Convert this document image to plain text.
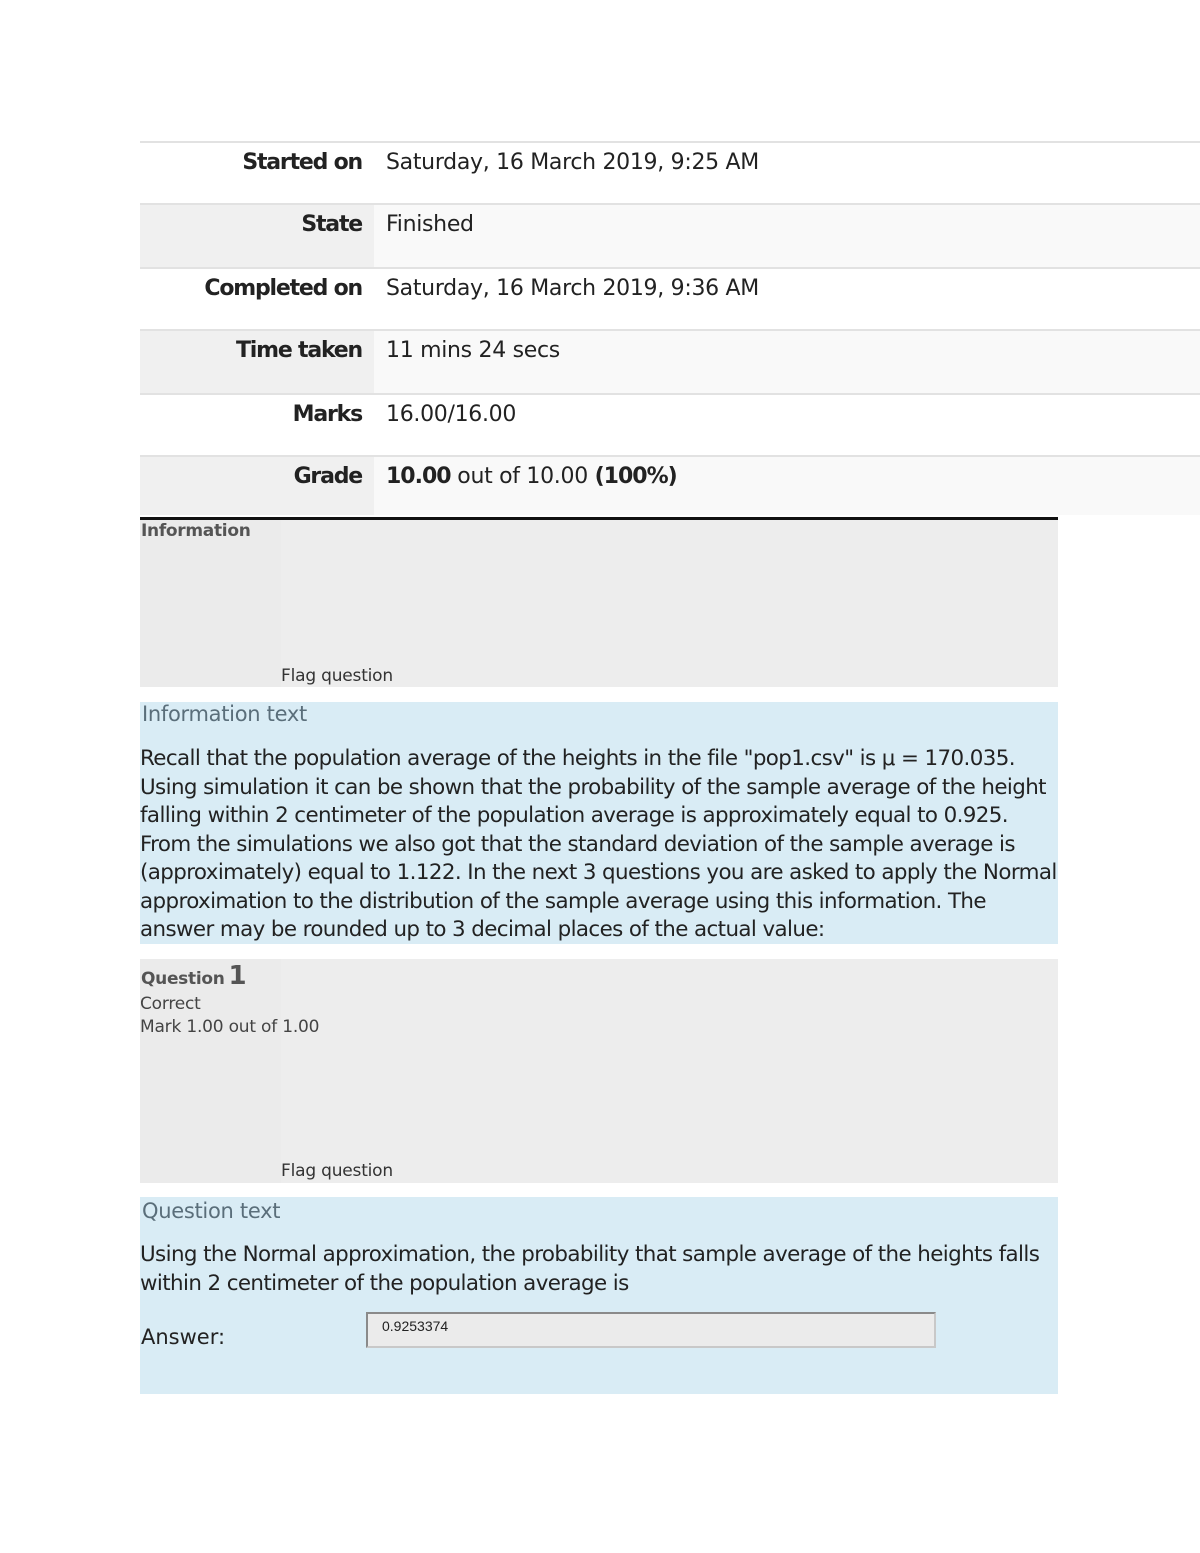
Started on	Saturday, 16 March 2019, 9:25 AM
State	Finished
Completed on	Saturday, 16 March 2019, 9:36 AM
Time taken	11 mins 24 secs
Marks	16.00/16.00
Grade	10.00 out of 10.00 (100%)
Information
Flag question
Information text
Recall that the population average of the heights in the file "pop1.csv" is μ = 170.035. Using simulation it can be shown that the probability of the sample average of the height falling within 2 centimeter of the population average is approximately equal to 0.925. From the simulations we also got that the standard deviation of the sample average is (approximately) equal to 1.122. In the next 3 questions you are asked to apply the Normal approximation to the distribution of the sample average using this information. The answer may be rounded up to 3 decimal places of the actual value:
Question 1
Correct
Mark 1.00 out of 1.00
Flag question
Question text
Using the Normal approximation, the probability that sample average of the heights falls within 2 centimeter of the population average is
Answer:	0.9253374
